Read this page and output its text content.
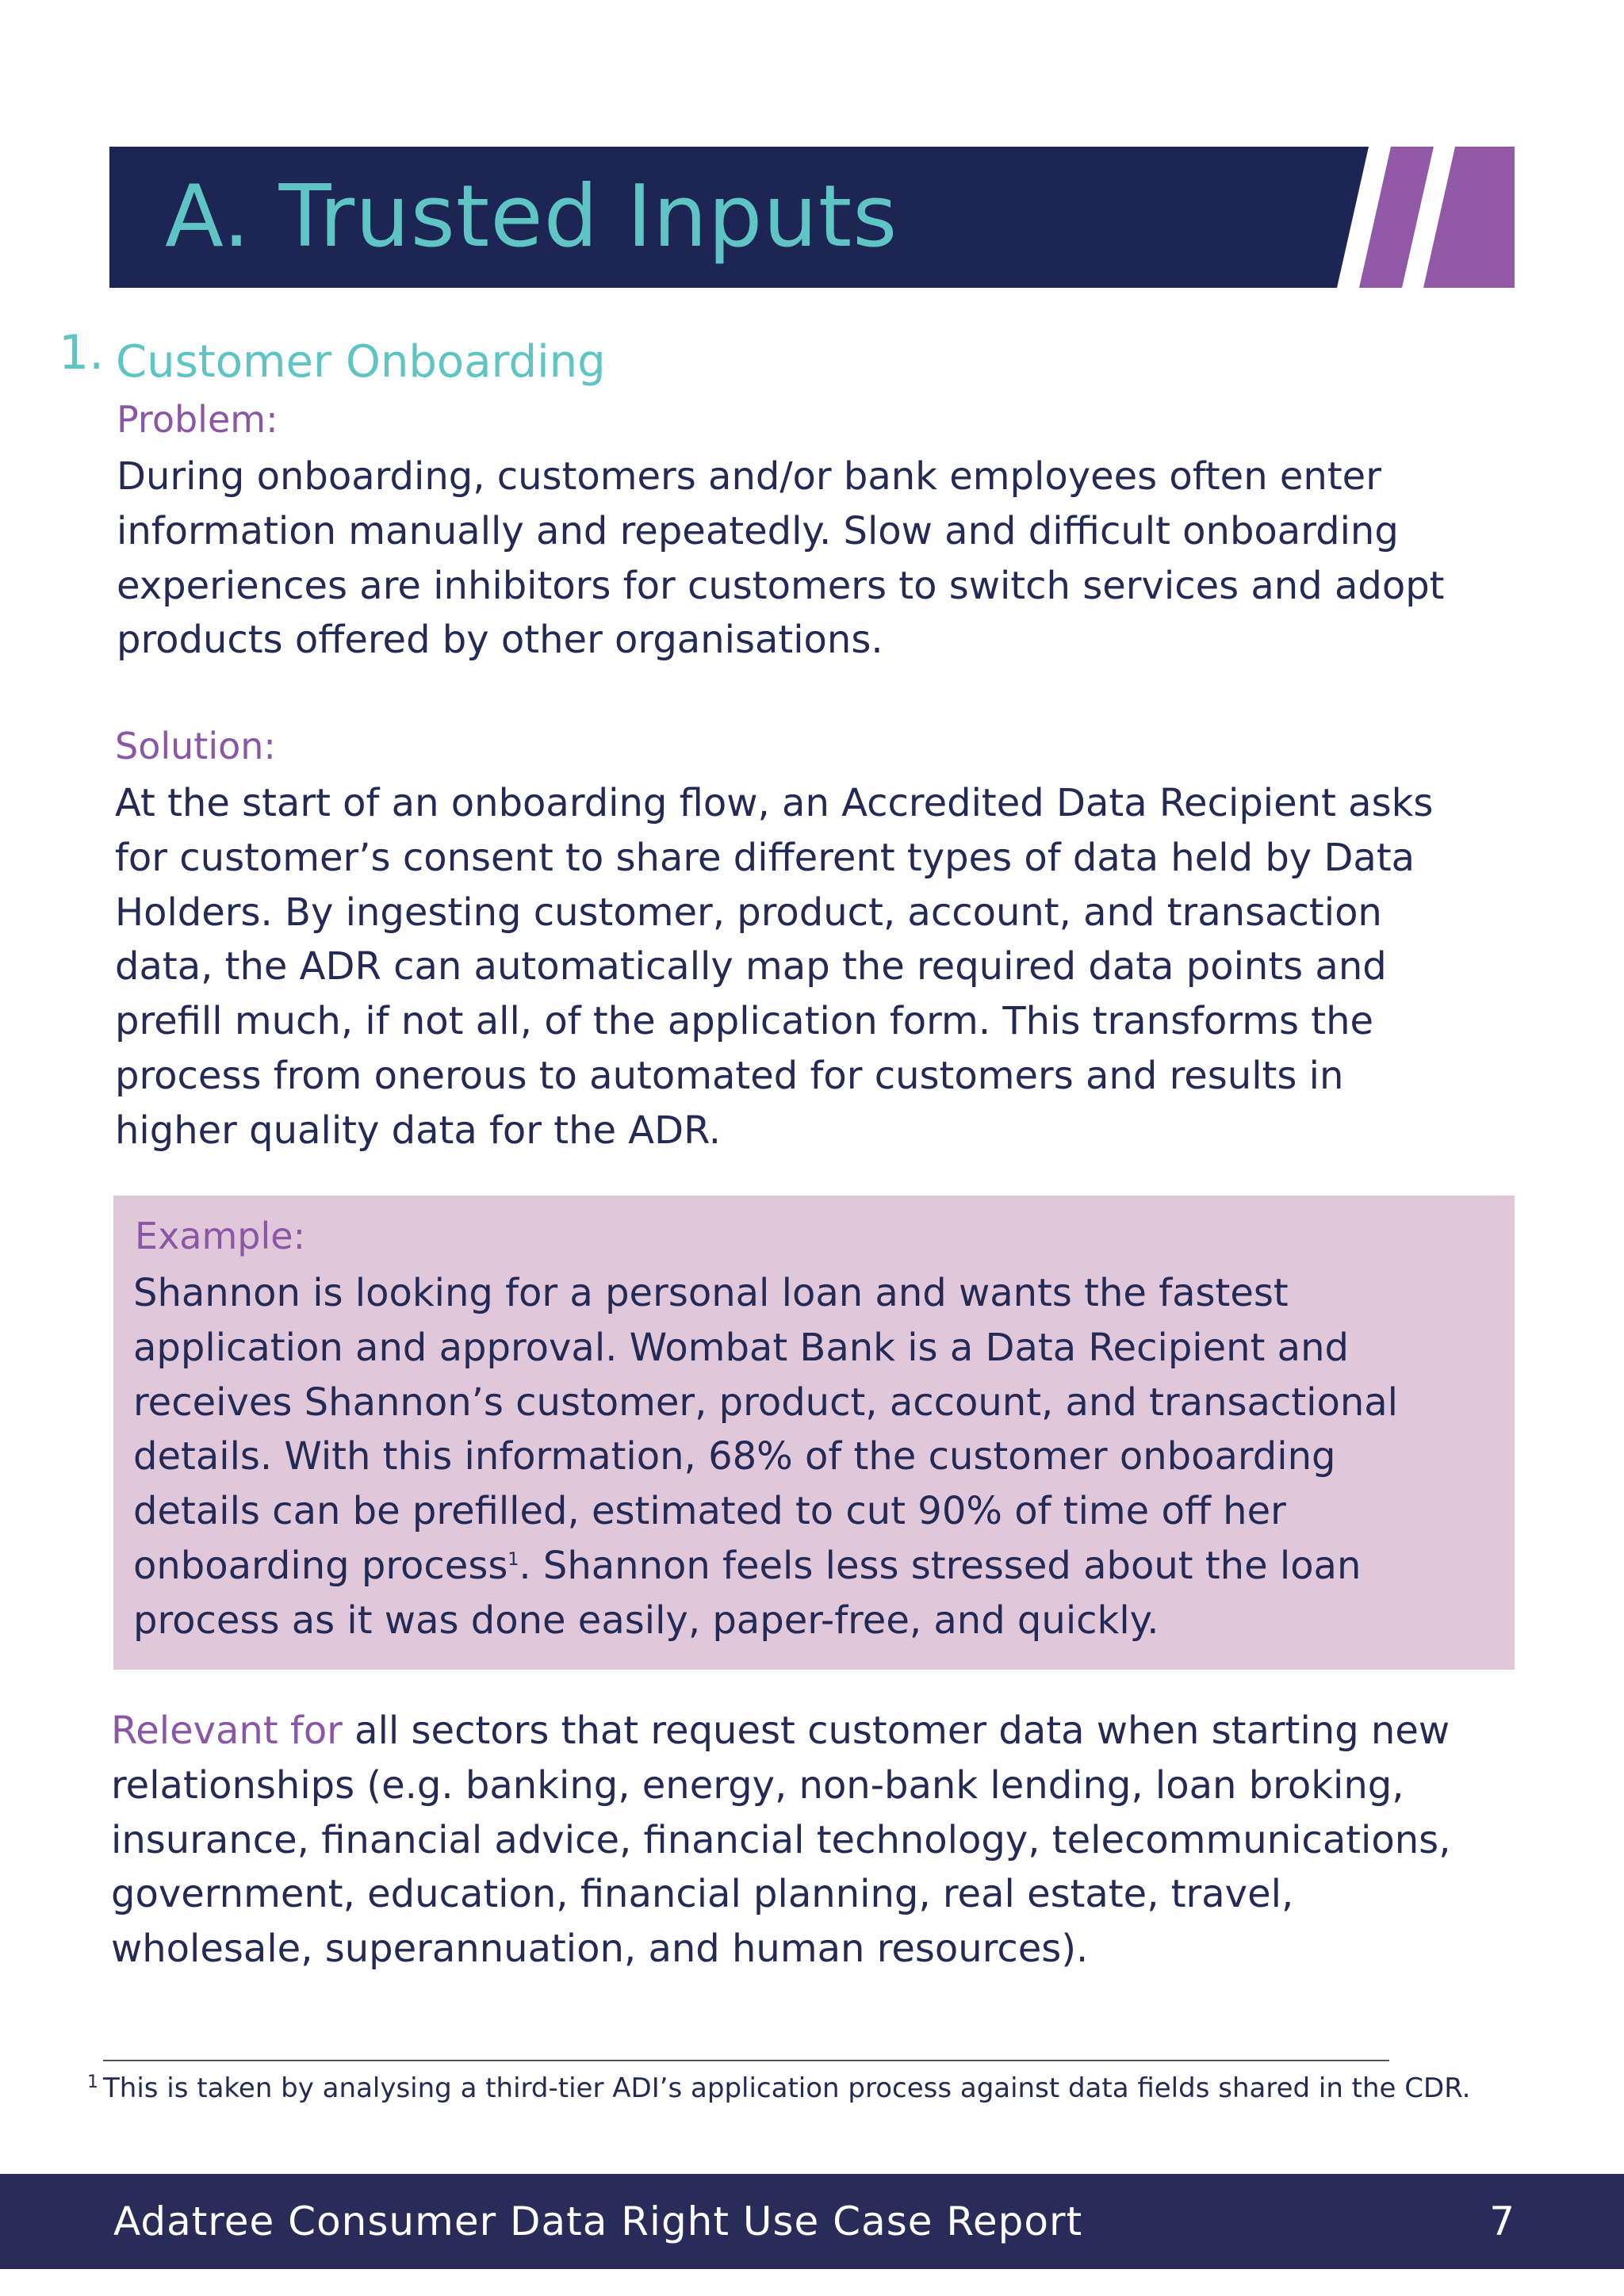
A. Trusted Inputs
1. Customer Onboarding
Problem:
During onboarding, customers and/or bank employees often enter
information manually and repeatedly. Slow and difficult onboarding
experiences are inhibitors for customers to switch services and adopt
products offered by other organisations.
Solution:
At the start of an onboarding flow, an Accredited Data Recipient asks
for customer’s consent to share different types of data held by Data
Holders. By ingesting customer, product, account, and transaction
data, the ADR can automatically map the required data points and
prefill much, if not all, of the application form. This transforms the
process from onerous to automated for customers and results in
higher quality data for the ADR.
Example:
Shannon is looking for a personal loan and wants the fastest
application and approval. Wombat Bank is a Data Recipient and
receives Shannon’s customer, product, account, and transactional
details. With this information, 68% of the customer onboarding
details can be prefilled, estimated to cut 90% of time off her
onboarding process$^1$. Shannon feels less stressed about the loan
process as it was done easily, paper-free, and quickly.
Relevant for all sectors that request customer data when starting new
relationships (e.g. banking, energy, non-bank lending, loan broking,
insurance, financial advice, financial technology, telecommunications,
government, education, financial planning, real estate, travel,
wholesale, superannuation, and human resources).
$^1$ This is taken by analysing a third-tier ADI’s application process against data fields shared in the CDR.
Adatree Consumer Data Right Use Case Report	7
